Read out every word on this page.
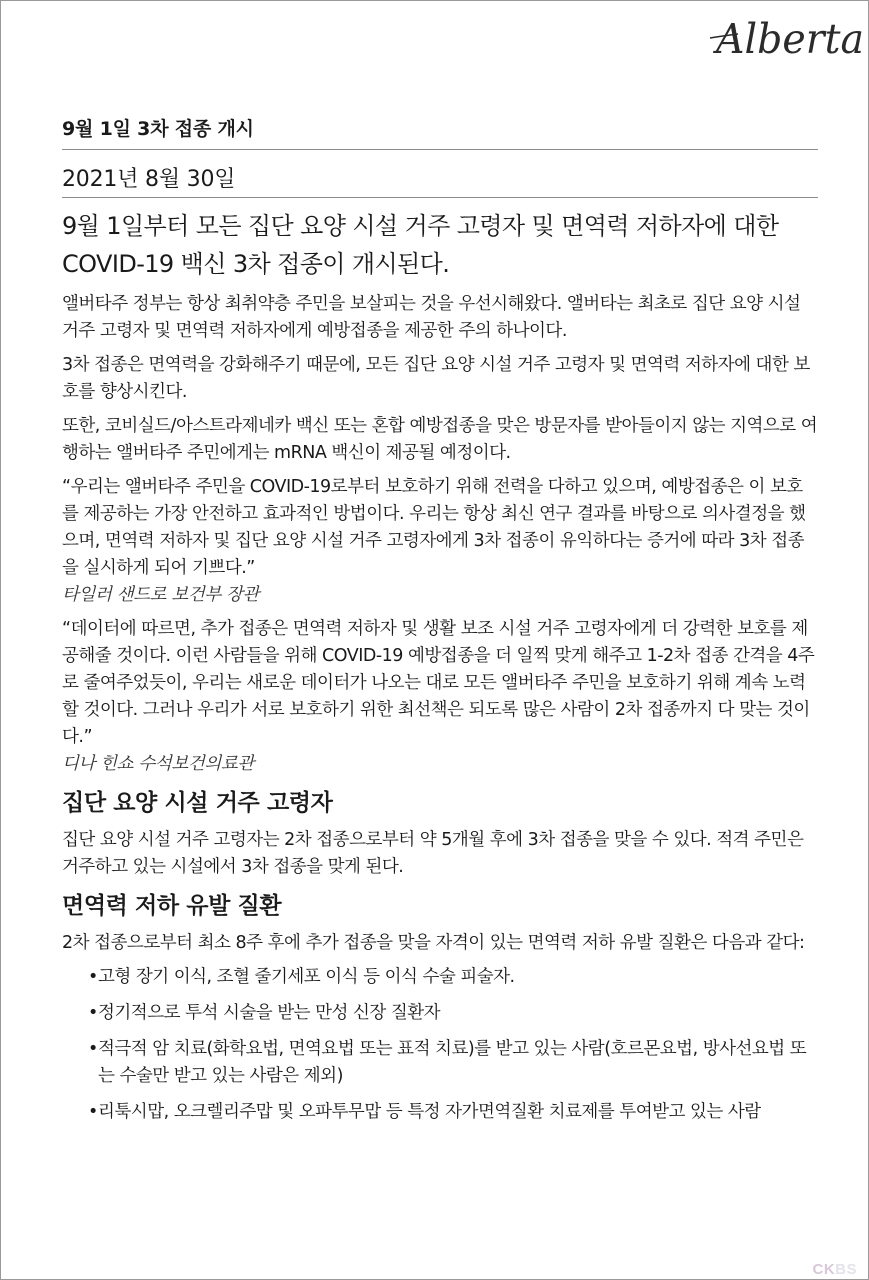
Alberta

9월 1일 3차 접종 개시

2021년 8월 30일

9월 1일부터 모든 집단 요양 시설 거주 고령자 및 면역력 저하자에 대한 COVID-19 백신 3차 접종이 개시된다.

앨버타주 정부는 항상 최취약층 주민을 보살피는 것을 우선시해왔다. 앨버타는 최초로 집단 요양 시설 거주 고령자 및 면역력 저하자에게 예방접종을 제공한 주의 하나이다.

3차 접종은 면역력을 강화해주기 때문에, 모든 집단 요양 시설 거주 고령자 및 면역력 저하자에 대한 보호를 향상시킨다.

또한, 코비실드/아스트라제네카 백신 또는 혼합 예방접종을 맞은 방문자를 받아들이지 않는 지역으로 여행하는 앨버타주 주민에게는 mRNA 백신이 제공될 예정이다.

“우리는 앨버타주 주민을 COVID-19로부터 보호하기 위해 전력을 다하고 있으며, 예방접종은 이 보호를 제공하는 가장 안전하고 효과적인 방법이다. 우리는 항상 최신 연구 결과를 바탕으로 의사결정을 했으며, 면역력 저하자 및 집단 요양 시설 거주 고령자에게 3차 접종이 유익하다는 증거에 따라 3차 접종을 실시하게 되어 기쁘다.”

타일러 샌드로 보건부 장관

“데이터에 따르면, 추가 접종은 면역력 저하자 및 생활 보조 시설 거주 고령자에게 더 강력한 보호를 제공해줄 것이다. 이런 사람들을 위해 COVID-19 예방접종을 더 일찍 맞게 해주고 1-2차 접종 간격을 4주로 줄여주었듯이, 우리는 새로운 데이터가 나오는 대로 모든 앨버타주 주민을 보호하기 위해 계속 노력할 것이다. 그러나 우리가 서로 보호하기 위한 최선책은 되도록 많은 사람이 2차 접종까지 다 맞는 것이다.”

디나 힌쇼 수석보건의료관

집단 요양 시설 거주 고령자

집단 요양 시설 거주 고령자는 2차 접종으로부터 약 5개월 후에 3차 접종을 맞을 수 있다. 적격 주민은 거주하고 있는 시설에서 3차 접종을 맞게 된다.

면역력 저하 유발 질환

2차 접종으로부터 최소 8주 후에 추가 접종을 맞을 자격이 있는 면역력 저하 유발 질환은 다음과 같다:

• 고형 장기 이식, 조혈 줄기세포 이식 등 이식 수술 피술자.
• 정기적으로 투석 시술을 받는 만성 신장 질환자
• 적극적 암 치료(화학요법, 면역요법 또는 표적 치료)를 받고 있는 사람(호르몬요법, 방사선요법 또는 수술만 받고 있는 사람은 제외)
• 리툭시맙, 오크렐리주맙 및 오파투무맙 등 특정 자가면역질환 치료제를 투여받고 있는 사람
CKBS
